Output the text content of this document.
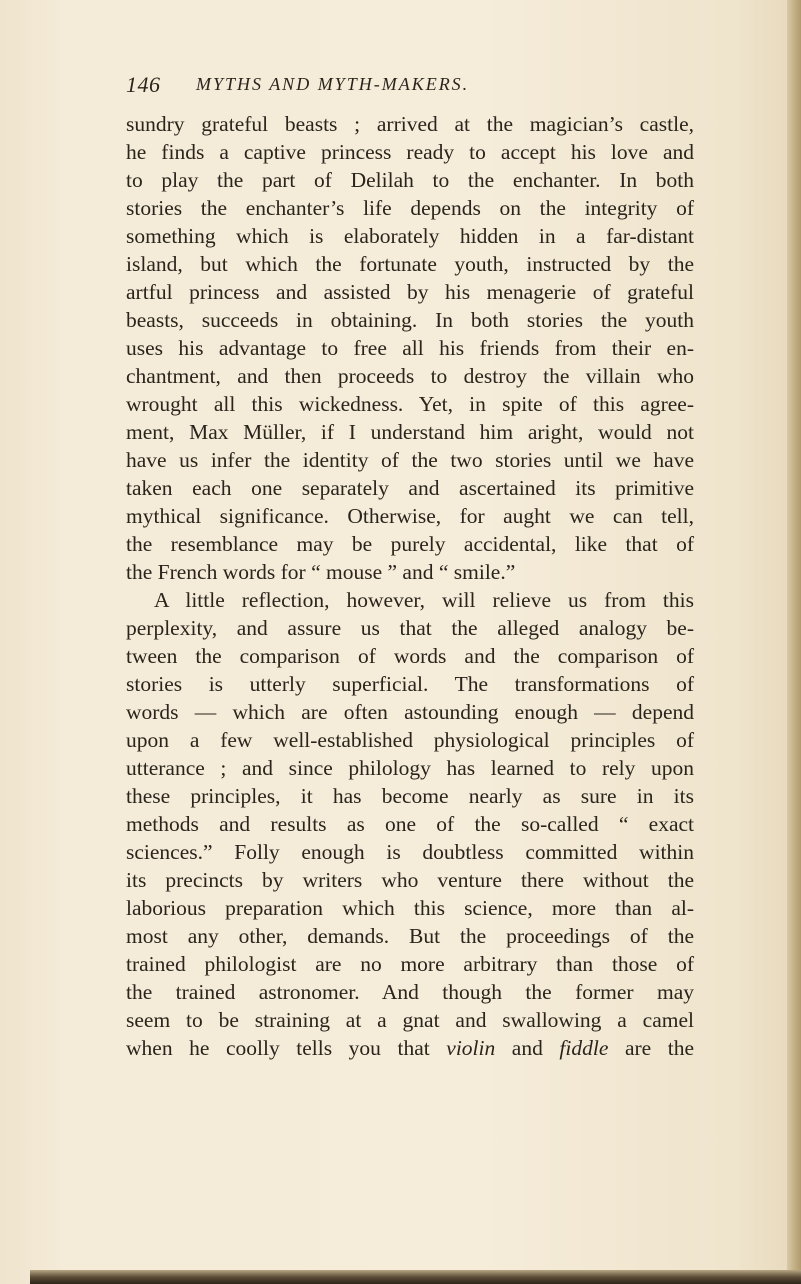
146 MYTHS AND MYTH-MAKERS.
sundry grateful beasts ; arrived at the magician’s castle,
he finds a captive princess ready to accept his love and
to play the part of Delilah to the enchanter. In both
stories the enchanter’s life depends on the integrity of
something which is elaborately hidden in a far-distant
island, but which the fortunate youth, instructed by the
artful princess and assisted by his menagerie of grateful
beasts, succeeds in obtaining. In both stories the youth
uses his advantage to free all his friends from their en-
chantment, and then proceeds to destroy the villain who
wrought all this wickedness. Yet, in spite of this agree-
ment, Max Müller, if I understand him aright, would not
have us infer the identity of the two stories until we have
taken each one separately and ascertained its primitive
mythical significance. Otherwise, for aught we can tell,
the resemblance may be purely accidental, like that of
the French words for “ mouse ” and “ smile.”
A little reflection, however, will relieve us from this
perplexity, and assure us that the alleged analogy be-
tween the comparison of words and the comparison of
stories is utterly superficial. The transformations of
words — which are often astounding enough — depend
upon a few well-established physiological principles of
utterance ; and since philology has learned to rely upon
these principles, it has become nearly as sure in its
methods and results as one of the so-called “ exact
sciences.” Folly enough is doubtless committed within
its precincts by writers who venture there without the
laborious preparation which this science, more than al-
most any other, demands. But the proceedings of the
trained philologist are no more arbitrary than those of
the trained astronomer. And though the former may
seem to be straining at a gnat and swallowing a camel
when he coolly tells you that violin and fiddle are the
